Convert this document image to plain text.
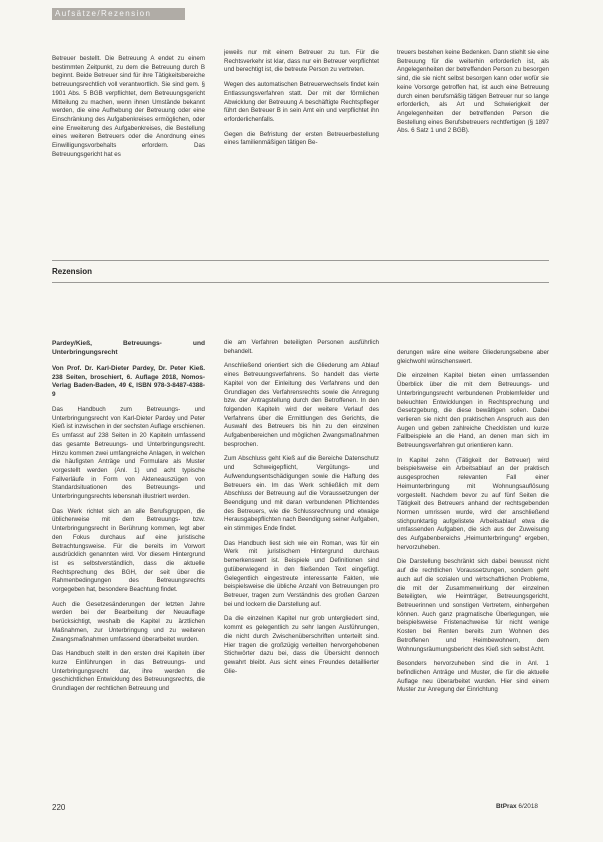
Aufsätze/Rezension

Betreuer bestellt. Die Betreuung A endet zu einem bestimmten Zeitpunkt, zu dem die Betreuung durch B beginnt. Beide Betreuer sind für ihre Tätigkeitsbereiche betreuungsrechtlich voll verantwortlich. Sie sind gem. § 1901 Abs. 5 BGB verpflichtet, dem Betreuungsgericht Mitteilung zu machen, wenn ihnen Umstände bekannt werden, die eine Aufhebung der Betreuung oder eine Einschränkung des Aufgabenkreises ermöglichen, oder eine Erweiterung des Aufgabenkreises, die Bestellung eines weiteren Betreuers oder die Anordnung eines Einwilligungsvorbehalts erfordern. Das Betreuungsgericht hat es

jeweils nur mit einem Betreuer zu tun. Für die Rechtsverkehr ist klar, dass nur ein Betreuer verpflichtet und berechtigt ist, die betreute Person zu vertreten.

Wegen des automatischen Betreuerwechsels findet kein Entlassungsverfahren statt. Der mit der förmlichen Abwicklung der Betreuung A beschäftigte Rechtspfleger führt den Betreuer B in sein Amt ein und verpflichtet ihn erforderlichenfalls.

Gegen die Befristung der ersten Betreuerbestellung eines familienmäßigen tätigen Be-

treuers bestehen keine Bedenken. Dann stiehlt sie eine Betreuung für die weiterhin erforderlich ist, als Angelegenheiten der betreffenden Person zu besorgen sind, die sie nicht selbst besorgen kann oder wofür sie keine Vorsorge getroffen hat, ist auch eine Betreuung durch einen berufsmäßig tätigen Betreuer nur so lange erforderlich, als Art und Schwierigkeit der Angelegenheiten der betreffenden Person die Bestellung eines Berufsbetreuers rechtfertigen (§ 1897 Abs. 6 Satz 1 und 2 BGB).

Rezension

Pardey/Kieß, Betreuungs- und Unterbringungsrecht

Von Prof. Dr. Karl-Dieter Pardey, Dr. Peter Kieß. 238 Seiten, broschiert, 6. Auflage 2018, Nomos-Verlag Baden-Baden, 49 €, ISBN 978-3-8487-4388-9

Das Handbuch zum Betreuungs- und Unterbringungsrecht von Karl-Dieter Pardey und Peter Kieß ist inzwischen in der sechsten Auflage erschienen. Es umfasst auf 238 Seiten in 20 Kapiteln umfassend das gesamte Betreuungs- und Unterbringungsrecht. Hinzu kommen zwei umfangreiche Anlagen, in welchen die häufigsten Anträge und Formulare als Muster vorgestellt werden (Anl. 1) und acht typische Fallverläufe in Form von Akteneauszügen von Standardsituationen des Betreuungs- und Unterbringungsrechts lebensnah illustriert werden.

Das Werk richtet sich an alle Berufsgruppen, die üblicherweise mit dem Betreuungs- bzw. Unterbringungsrecht in Berührung kommen, legt aber den Fokus durchaus auf eine juristische Betrachtungsweise. Für die bereits im Vorwort ausdrücklich genannten wird. Vor diesem Hintergrund ist es selbstverständlich, dass die aktuelle Rechtsprechung des BGH, der seit über die Rahmenbedingungen des Betreuungsrechts vorgegeben hat, besondere Beachtung findet.

Auch die Gesetzesänderungen der letzten Jahre werden bei der Bearbeitung der Neuauflage berücksichtigt, weshalb die Kapitel zu ärztlichen Maßnahmen, zur Unterbringung und zu weiteren Zwangsmaßnahmen umfassend überarbeitet wurden.

Das Handbuch stellt in den ersten drei Kapiteln über kurze Einführungen in das Betreuungs- und Unterbringungsrecht dar, ihre werden die geschichtlichen Entwicklung des Betreuungsrechts, die Grundlagen der rechtlichen Betreuung und

die am Verfahren beteiligten Personen ausführlich behandelt.

Anschließend orientiert sich die Gliederung am Ablauf eines Betreuungsverfahrens. So handelt das vierte Kapitel von der Einleitung des Verfahrens und den Grundlagen des Verfahrensrechts sowie die Anregung bzw. der Antragstellung durch den Betroffenen. In den folgenden Kapiteln wird der weitere Verlauf des Verfahrens über die Ermittlungen des Gerichts, die Auswahl des Betreuers bis hin zu den einzelnen Aufgabenbereichen und möglichen Zwangsmaßnahmen besprochen.

Zum Abschluss geht Kieß auf die Bereiche Datenschutz und Schweigepflicht, Vergütungs- und Aufwendungsentschädigungen sowie die Haftung des Betreuers ein. Im das Werk schließlich mit dem Abschluss der Betreuung auf die Voraussetzungen der Beendigung und mit daran verbundenen Pflichtendes des Betreuers, wie die Schlussrechnung und etwaige Herausgabepflichten nach Beendigung seiner Aufgaben, ein stimmiges Ende findet.

Das Handbuch liest sich wie ein Roman, was für ein Werk mit juristischem Hintergrund durchaus bemerkenswert ist. Beispiele und Definitionen sind gutüberwiegend in den fließenden Text eingefügt. Gelegentlich eingestreute interessante Fakten, wie beispielsweise die übliche Anzahl von Betreuungen pro Betreuer, tragen zum Verständnis des großen Ganzen bei und lockern die Darstellung auf.

Da die einzelnen Kapitel nur grob untergliedert sind, kommt es gelegentlich zu sehr langen Ausführungen, die nicht durch Zwischenüberschriften unterteilt sind. Hier tragen die großzügig verteilten hervorgehobenen Stichwörter dazu bei, dass die Übersicht dennoch gewahrt bleibt. Aus sicht eines Freundes detaillierter Glie-

derungen wäre eine weitere Gliederungsebene aber gleichwohl wünschenswert.

Die einzelnen Kapitel bieten einen umfassenden Überblick über die mit dem Betreuungs- und Unterbringungsrecht verbundenen Problemfelder und beleuchten Entwicklungen in Rechtsprechung und Gesetzgebung, die diese bewältigen sollen. Dabei verlieren sie nicht den praktischen Anspruch aus den Augen und geben zahlreiche Checklisten und kurze Fallbeispiele an die Hand, an denen man sich im Betreuungsverfahren gut orientieren kann.

In Kapitel zehn (Tätigkeit der Betreuer) wird beispielsweise ein Arbeitsablauf an der praktisch ausgesprochen relevanten Fall einer Heimunterbringung mit Wohnungsauflösung vorgestellt. Nachdem bevor zu auf fünf Seiten die Tätigkeit des Betreuers anhand der rechtsgebenden Normen umrissen wurde, wird der anschließend stichpunktartig aufgelistete Arbeitsablauf etwa die umfassenden Aufgaben, die sich aus der Zuweisung des Aufgabenbereichs „Heimunterbringung“ ergeben, hervorzuheben.

Die Darstellung beschränkt sich dabei bewusst nicht auf die rechtlichen Voraussetzungen, sondern geht auch auf die sozialen und wirtschaftlichen Probleme, die mit der Zusammenwirkung der einzelnen Beteiligten, wie Heimträger, Betreuungsgericht, Betreuerinnen und sonstigen Vertretern, einhergehen können. Auch ganz pragmatische Überlegungen, wie beispielsweise Fristenachweise für nicht wenige Kosten bei Renten bereits zum Wohnen des Betroffenen und Heimbewohnern, dem Wohnungsräumungsbericht des Kieß sich selbst Acht.

Besonders hervorzuheben sind die in Anl. 1 befindlichen Anträge und Muster, die für die aktuelle Auflage neu überarbeitet wurden. Hier sind einem Muster zur Anregung der Einrichtung

220	BtPrax 6/2018
